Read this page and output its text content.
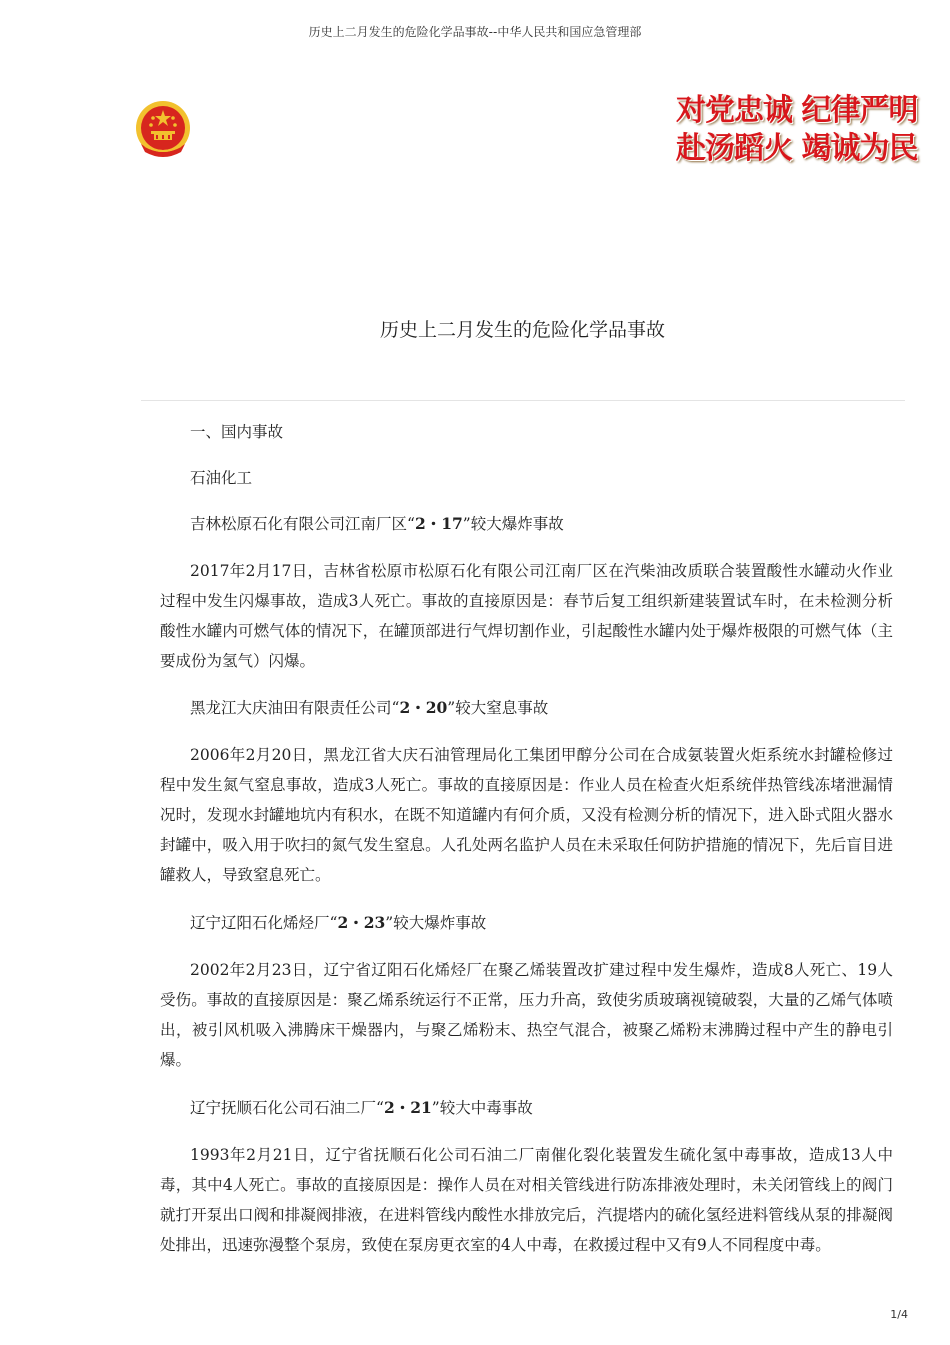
历史上二月发生的危险化学品事故--中华人民共和国应急管理部
对党忠诚 纪律严明
赴汤蹈火 竭诚为民
历史上二月发生的危险化学品事故
一、国内事故
石油化工
吉林松原石化有限公司江南厂区“2・17”较大爆炸事故
2017年2月17日，吉林省松原市松原石化有限公司江南厂区在汽柴油改质联合装置酸性水罐动火作业过程中发生闪爆事故，造成3人死亡。事故的直接原因是：春节后复工组织新建装置试车时，在未检测分析酸性水罐内可燃气体的情况下，在罐顶部进行气焊切割作业，引起酸性水罐内处于爆炸极限的可燃气体（主要成份为氢气）闪爆。
黑龙江大庆油田有限责任公司“2・20”较大窒息事故
2006年2月20日，黑龙江省大庆石油管理局化工集团甲醇分公司在合成氨装置火炬系统水封罐检修过程中发生氮气窒息事故，造成3人死亡。事故的直接原因是：作业人员在检查火炬系统伴热管线冻堵泄漏情况时，发现水封罐地坑内有积水，在既不知道罐内有何介质，又没有检测分析的情况下，进入卧式阻火器水封罐中，吸入用于吹扫的氮气发生窒息。人孔处两名监护人员在未采取任何防护措施的情况下，先后盲目进罐救人，导致窒息死亡。
辽宁辽阳石化烯烃厂“2・23”较大爆炸事故
2002年2月23日，辽宁省辽阳石化烯烃厂在聚乙烯装置改扩建过程中发生爆炸，造成8人死亡、19人受伤。事故的直接原因是：聚乙烯系统运行不正常，压力升高，致使劣质玻璃视镜破裂，大量的乙烯气体喷出，被引风机吸入沸腾床干燥器内，与聚乙烯粉末、热空气混合，被聚乙烯粉末沸腾过程中产生的静电引爆。
辽宁抚顺石化公司石油二厂“2・21”较大中毒事故
1993年2月21日，辽宁省抚顺石化公司石油二厂南催化裂化装置发生硫化氢中毒事故，造成13人中毒，其中4人死亡。事故的直接原因是：操作人员在对相关管线进行防冻排液处理时，未关闭管线上的阀门就打开泵出口阀和排凝阀排液，在进料管线内酸性水排放完后，汽提塔内的硫化氢经进料管线从泵的排凝阀处排出，迅速弥漫整个泵房，致使在泵房更衣室的4人中毒，在救援过程中又有9人不同程度中毒。
1/4
